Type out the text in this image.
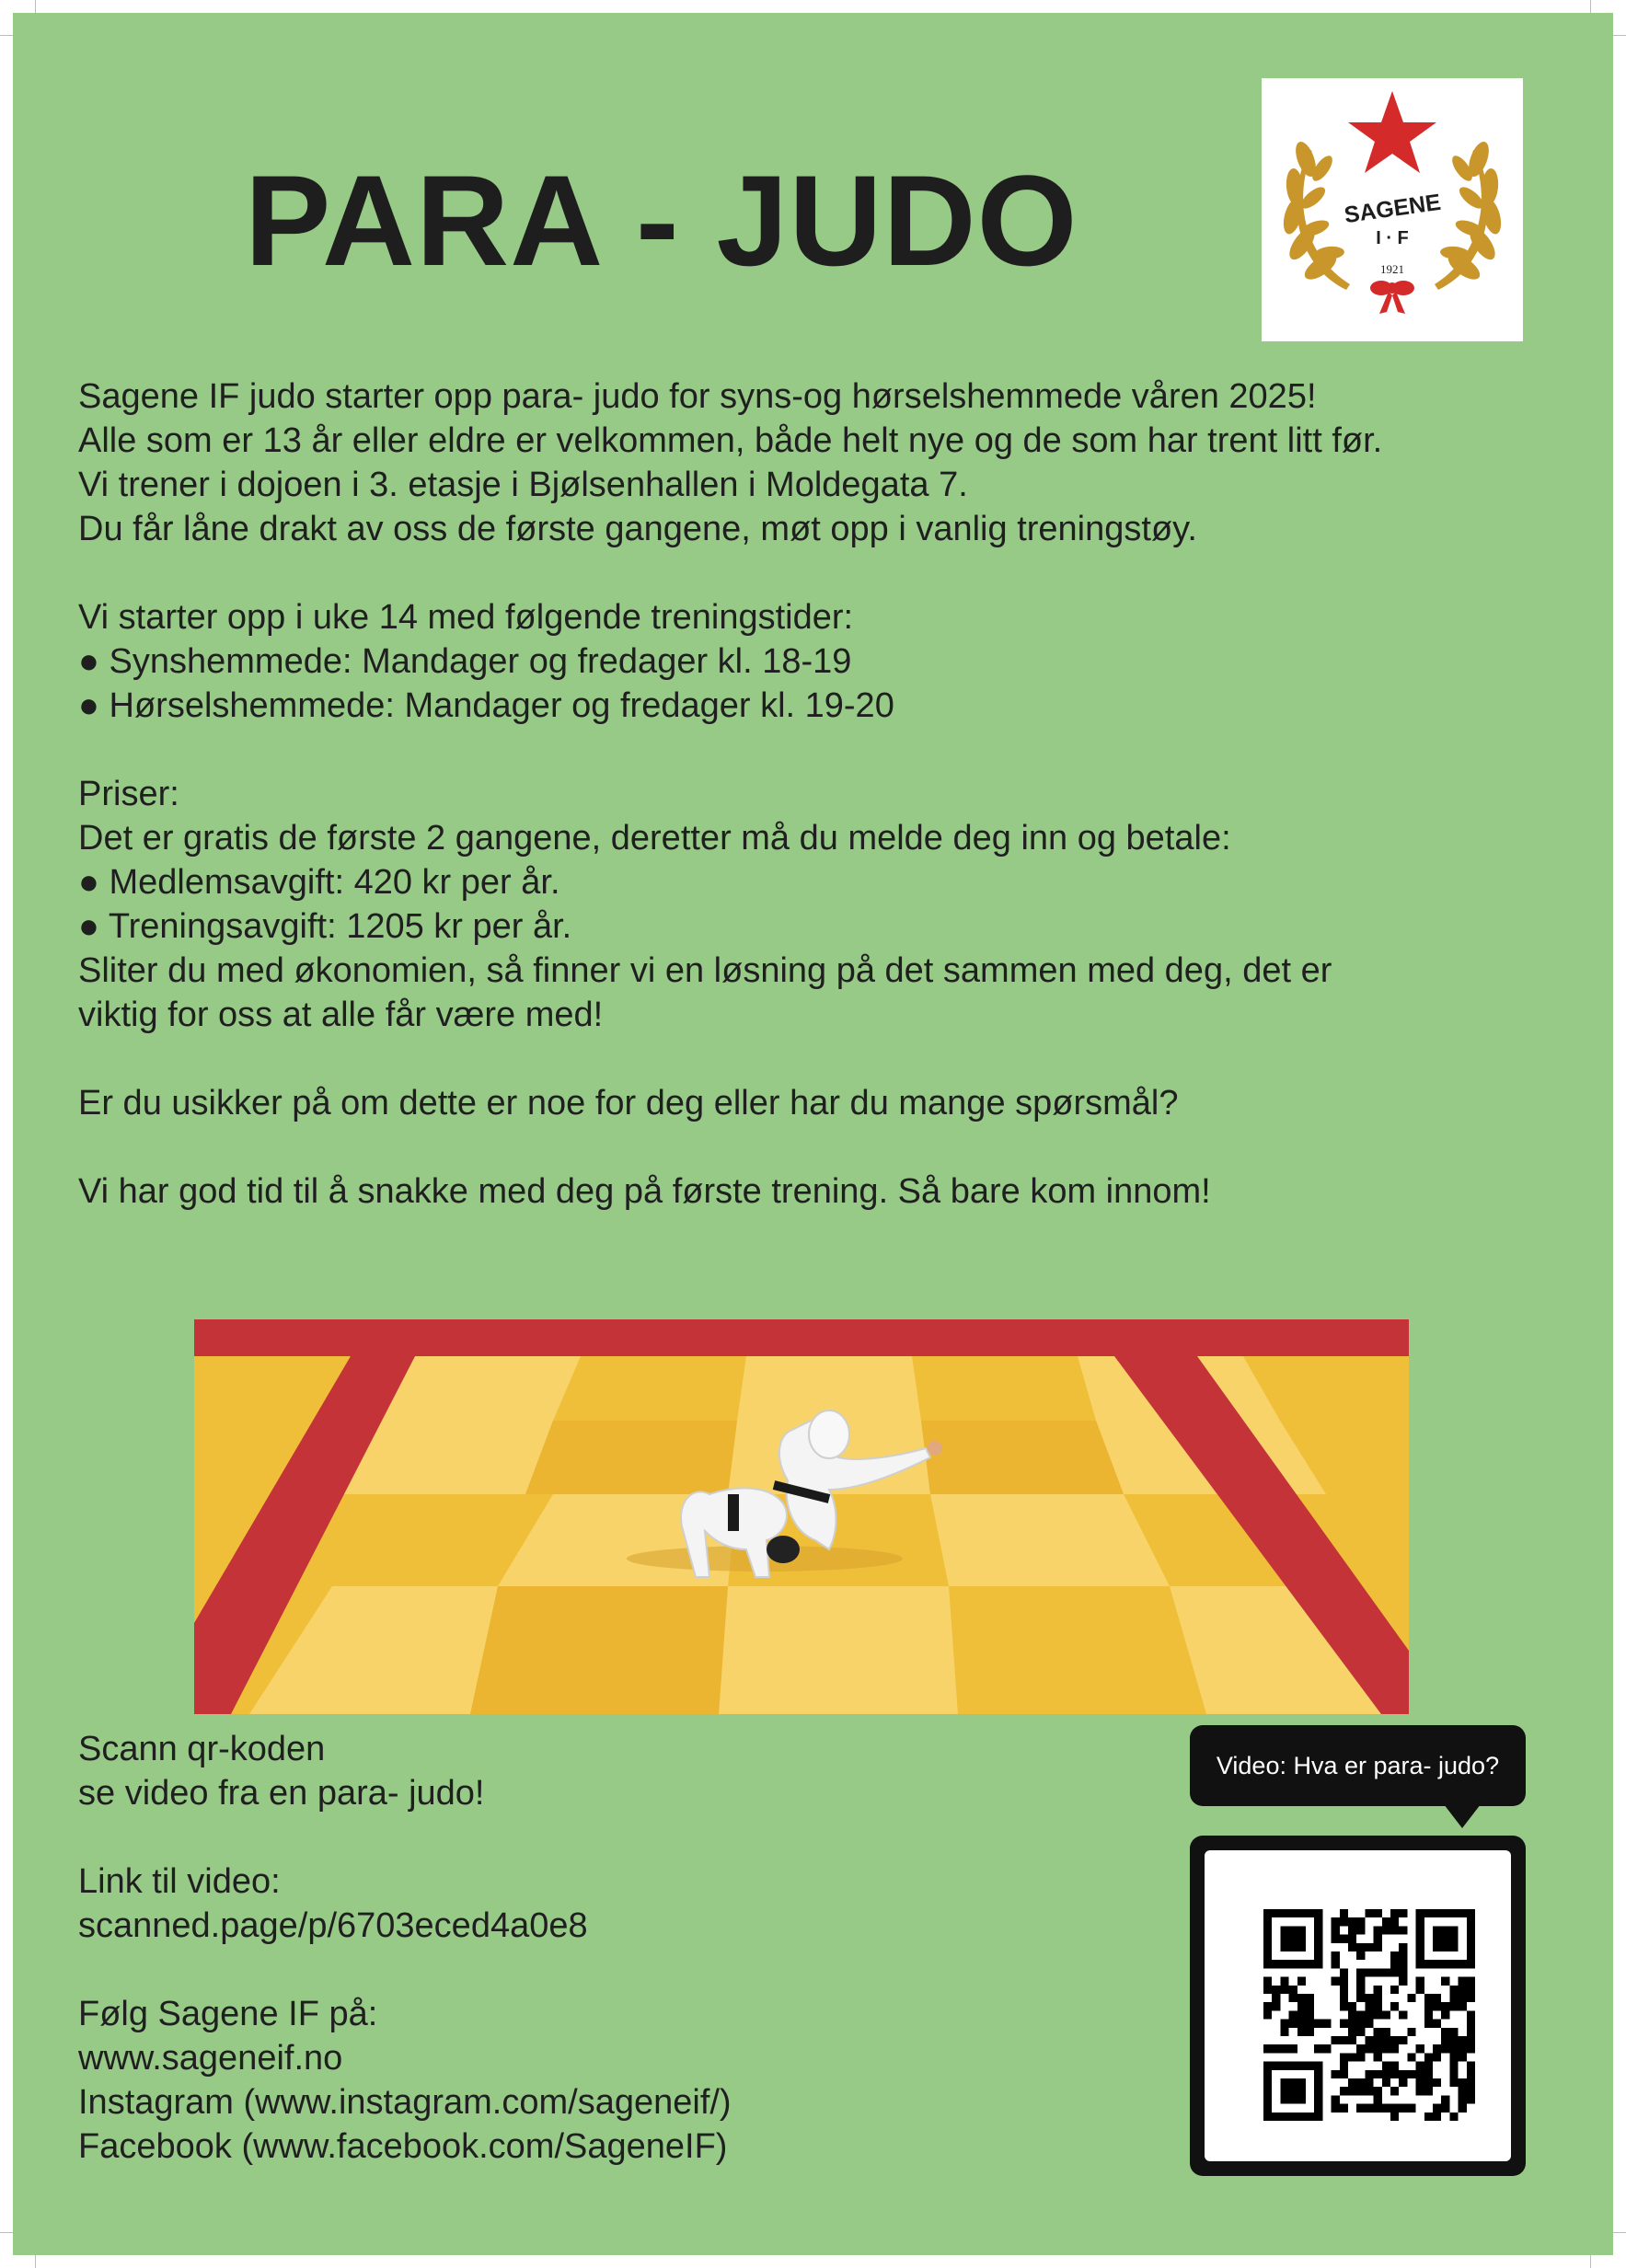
PARA - JUDO	SAGENE
I · F
1921

Sagene IF judo starter opp para- judo for syns-og hørselshemmede våren 2025!

Alle som er 13 år eller eldre er velkommen, både helt nye og de som har trent litt før.

Vi trener i dojoen i 3. etasje i Bjølsenhallen i Moldegata 7.

Du får låne drakt av oss de første gangene, møt opp i vanlig treningstøy.

Vi starter opp i uke 14 med følgende treningstider:

● Synshemmede: Mandager og fredager kl. 18-19

● Hørselshemmede: Mandager og fredager kl. 19-20

Priser:

Det er gratis de første 2 gangene, deretter må du melde deg inn og betale:

● Medlemsavgift: 420 kr per år.

● Treningsavgift: 1205 kr per år.

Sliter du med økonomien, så finner vi en løsning på det sammen med deg, det er

viktig for oss at alle får være med!

Er du usikker på om dette er noe for deg eller har du mange spørsmål?

Vi har god tid til å snakke med deg på første trening. Så bare kom innom!

Scann qr-koden

se video fra en para- judo!

Link til video:

scanned.page/p/6703eced4a0e8

Følg Sagene IF på:

www.sageneif.no

Instagram (www.instagram.com/sageneif/)

Facebook (www.facebook.com/SageneIF)

Video: Hva er para- judo?
